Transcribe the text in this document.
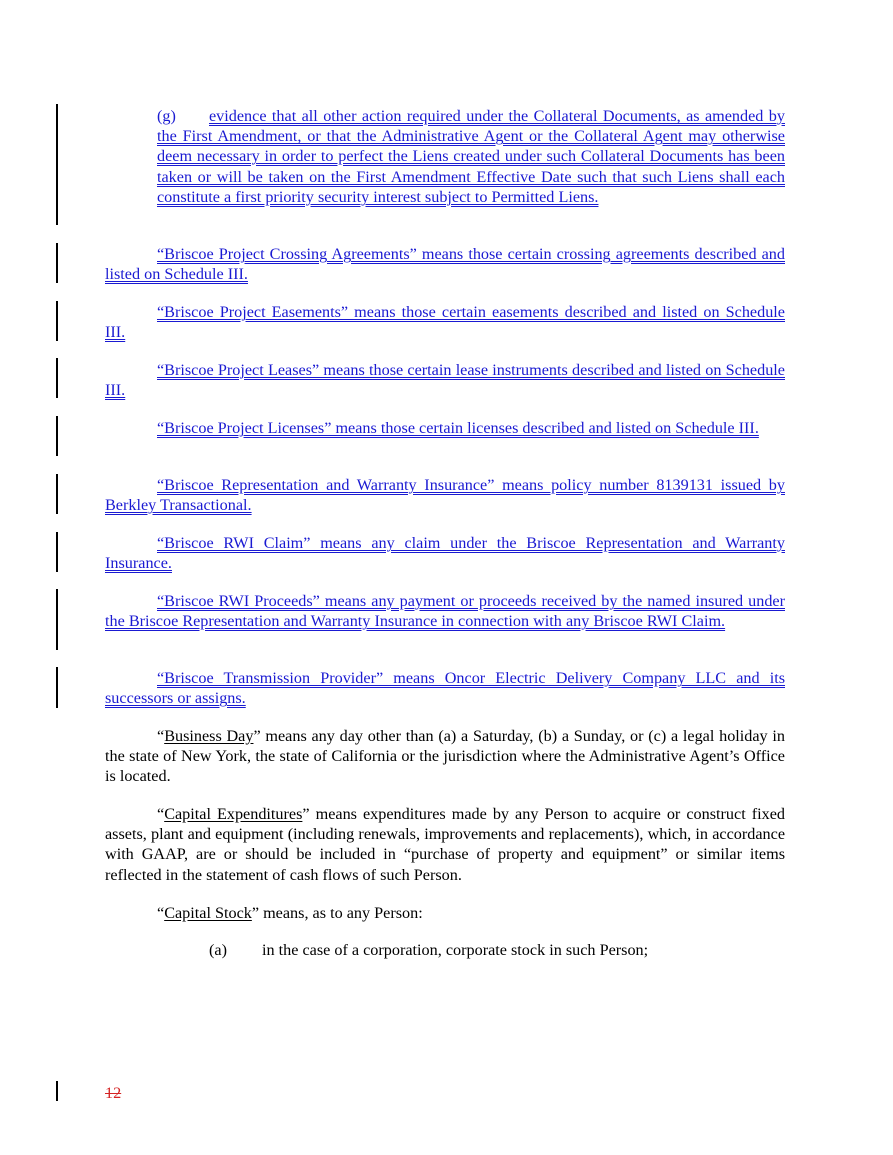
(g) evidence that all other action required under the Collateral Documents, as amended by the First Amendment, or that the Administrative Agent or the Collateral Agent may otherwise deem necessary in order to perfect the Liens created under such Collateral Documents has been taken or will be taken on the First Amendment Effective Date such that such Liens shall each constitute a first priority security interest subject to Permitted Liens.

“Briscoe Project Crossing Agreements” means those certain crossing agreements described and listed on Schedule III.

“Briscoe Project Easements” means those certain easements described and listed on Schedule III.

“Briscoe Project Leases” means those certain lease instruments described and listed on Schedule III.

“Briscoe Project Licenses” means those certain licenses described and listed on Schedule III.

“Briscoe Representation and Warranty Insurance” means policy number 8139131 issued by Berkley Transactional.

“Briscoe RWI Claim” means any claim under the Briscoe Representation and Warranty Insurance.

“Briscoe RWI Proceeds” means any payment or proceeds received by the named insured under the Briscoe Representation and Warranty Insurance in connection with any Briscoe RWI Claim.

“Briscoe Transmission Provider” means Oncor Electric Delivery Company LLC and its successors or assigns.

“Business Day” means any day other than (a) a Saturday, (b) a Sunday, or (c) a legal holiday in the state of New York, the state of California or the jurisdiction where the Administrative Agent’s Office is located.

“Capital Expenditures” means expenditures made by any Person to acquire or construct fixed assets, plant and equipment (including renewals, improvements and replacements), which, in accordance with GAAP, are or should be included in “purchase of property and equipment” or similar items reflected in the statement of cash flows of such Person.

“Capital Stock” means, as to any Person:

(a) in the case of a corporation, corporate stock in such Person;

12
